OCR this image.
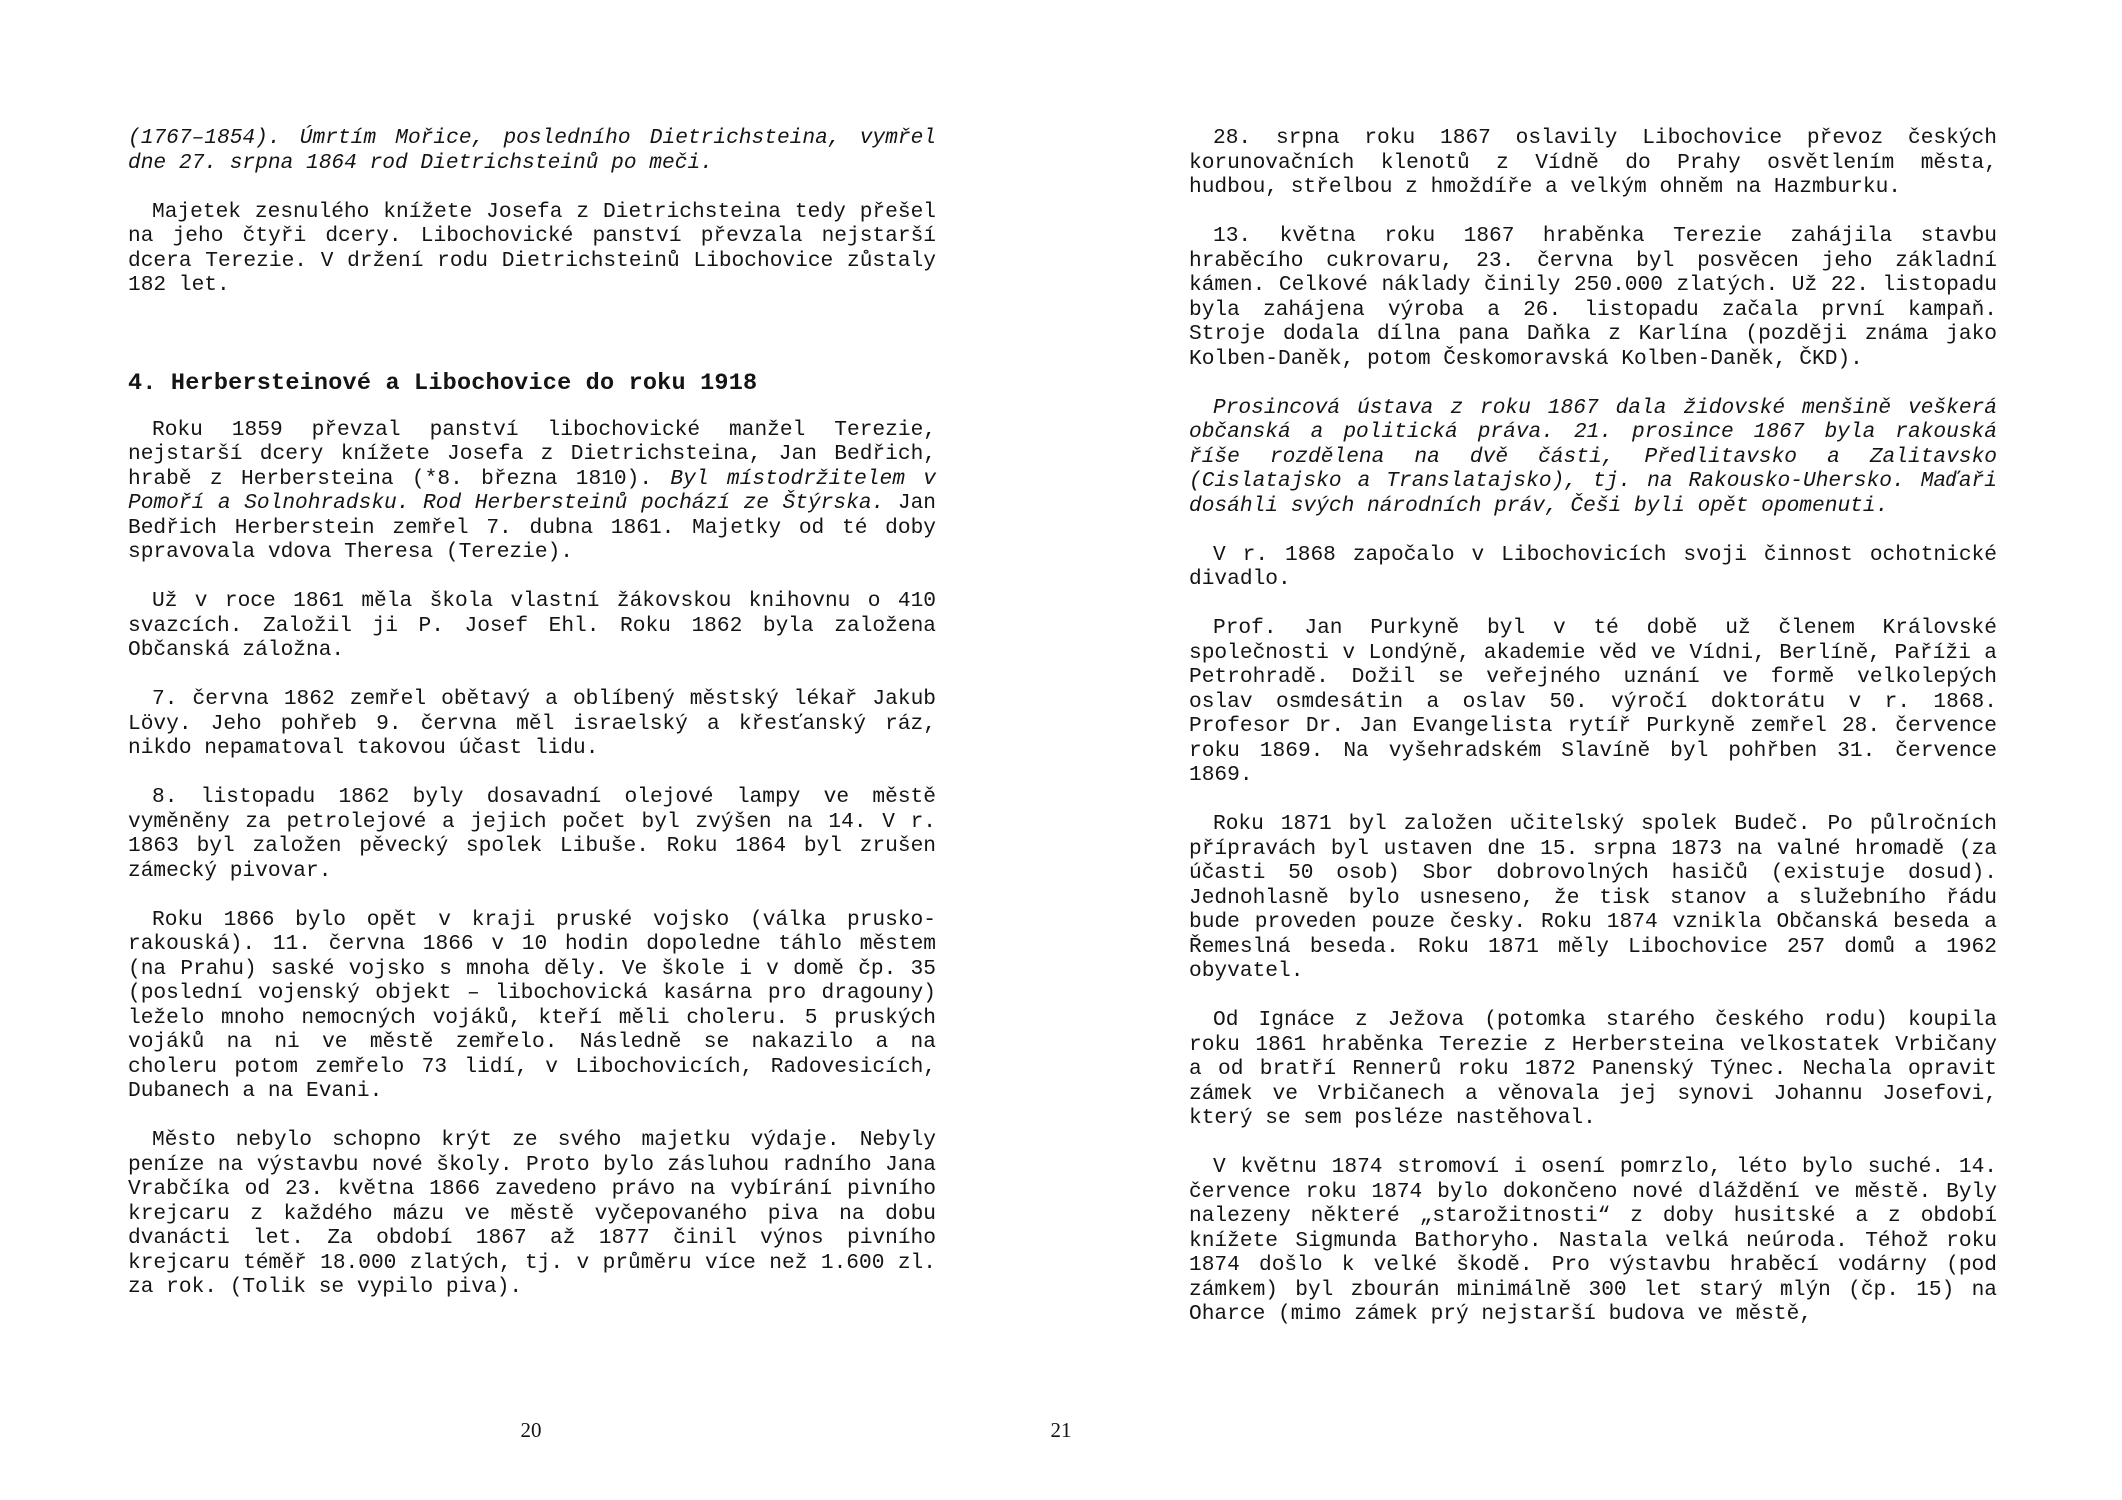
(1767–1854). Úmrtím Mořice, posledního Dietrichsteina, vymřel dne 27. srpna 1864 rod Dietrichsteinů po meči.

Majetek zesnulého knížete Josefa z Dietrichsteina tedy přešel na jeho čtyři dcery. Libochovické panství převzala nejstarší dcera Terezie. V držení rodu Dietrichsteinů Libochovice zůstaly 182 let.

4. Herbersteinové a Libochovice do roku 1918

Roku 1859 převzal panství libochovické manžel Terezie, nejstarší dcery knížete Josefa z Dietrichsteina, Jan Bedřich, hrabě z Herbersteina (*8. března 1810). Byl místodržitelem v Pomoří a Solnohradsku. Rod Herbersteinů pochází ze Štýrska. Jan Bedřich Herberstein zemřel 7. dubna 1861. Majetky od té doby spravovala vdova Theresa (Terezie).

Už v roce 1861 měla škola vlastní žákovskou knihovnu o 410 svazcích. Založil ji P. Josef Ehl. Roku 1862 byla založena Občanská záložna.

7. června 1862 zemřel obětavý a oblíbený městský lékař Jakub Lövy. Jeho pohřeb 9. června měl israelský a křesťanský ráz, nikdo nepamatoval takovou účast lidu.

8. listopadu 1862 byly dosavadní olejové lampy ve městě vyměněny za petrolejové a jejich počet byl zvýšen na 14. V r. 1863 byl založen pěvecký spolek Libuše. Roku 1864 byl zrušen zámecký pivovar.

Roku 1866 bylo opět v kraji pruské vojsko (válka prusko-rakouská). 11. června 1866 v 10 hodin dopoledne táhlo městem (na Prahu) saské vojsko s mnoha děly. Ve škole i v domě čp. 35 (poslední vojenský objekt – libochovická kasárna pro dragouny) leželo mnoho nemocných vojáků, kteří měli choleru. 5 pruských vojáků na ni ve městě zemřelo. Následně se nakazilo a na choleru potom zemřelo 73 lidí, v Libochovicích, Radovesicích, Dubanech a na Evani.

Město nebylo schopno krýt ze svého majetku výdaje. Nebyly peníze na výstavbu nové školy. Proto bylo zásluhou radního Jana Vrabčíka od 23. května 1866 zavedeno právo na vybírání pivního krejcaru z každého mázu ve městě vyčepovaného piva na dobu dvanácti let. Za období 1867 až 1877 činil výnos pivního krejcaru téměř 18.000 zlatých, tj. v průměru více než 1.600 zl. za rok. (Tolik se vypilo piva).

20

28. srpna roku 1867 oslavily Libochovice převoz českých korunovačních klenotů z Vídně do Prahy osvětlením města, hudbou, střelbou z hmoždíře a velkým ohněm na Hazmburku.

13. května roku 1867 hraběnka Terezie zahájila stavbu hraběcího cukrovaru, 23. června byl posvěcen jeho základní kámen. Celkové náklady činily 250.000 zlatých. Už 22. listopadu byla zahájena výroba a 26. listopadu začala první kampaň. Stroje dodala dílna pana Daňka z Karlína (později známa jako Kolben-Daněk, potom Českomoravská Kolben-Daněk, ČKD).

Prosincová ústava z roku 1867 dala židovské menšině veškerá občanská a politická práva. 21. prosince 1867 byla rakouská říše rozdělena na dvě části, Předlitavsko a Zalitavsko (Cislatajsko a Translatajsko), tj. na Rakousko-Uhersko. Maďaři dosáhli svých národních práv, Češi byli opět opomenuti.

V r. 1868 započalo v Libochovicích svoji činnost ochotnické divadlo.

Prof. Jan Purkyně byl v té době už členem Královské společnosti v Londýně, akademie věd ve Vídni, Berlíně, Paříži a Petrohradě. Dožil se veřejného uznání ve formě velkolepých oslav osmdesátin a oslav 50. výročí doktorátu v r. 1868. Profesor Dr. Jan Evangelista rytíř Purkyně zemřel 28. července roku 1869. Na vyšehradském Slavíně byl pohřben 31. července 1869.

Roku 1871 byl založen učitelský spolek Budeč. Po půlročních přípravách byl ustaven dne 15. srpna 1873 na valné hromadě (za účasti 50 osob) Sbor dobrovolných hasičů (existuje dosud). Jednohlasně bylo usneseno, že tisk stanov a služebního řádu bude proveden pouze česky. Roku 1874 vznikla Občanská beseda a Řemeslná beseda. Roku 1871 měly Libochovice 257 domů a 1962 obyvatel.

Od Ignáce z Ježova (potomka starého českého rodu) koupila roku 1861 hraběnka Terezie z Herbersteina velkostatek Vrbičany a od bratří Rennerů roku 1872 Panenský Týnec. Nechala opravit zámek ve Vrbičanech a věnovala jej synovi Johannu Josefovi, který se sem posléze nastěhoval.

V květnu 1874 stromoví i osení pomrzlo, léto bylo suché. 14. července roku 1874 bylo dokončeno nové dláždění ve městě. Byly nalezeny některé „starožitnosti“ z doby husitské a z období knížete Sigmunda Bathoryho. Nastala velká neúroda. Téhož roku 1874 došlo k velké škodě. Pro výstavbu hraběcí vodárny (pod zámkem) byl zbourán minimálně 300 let starý mlýn (čp. 15) na Oharce (mimo zámek prý nejstarší budova ve městě,

21
